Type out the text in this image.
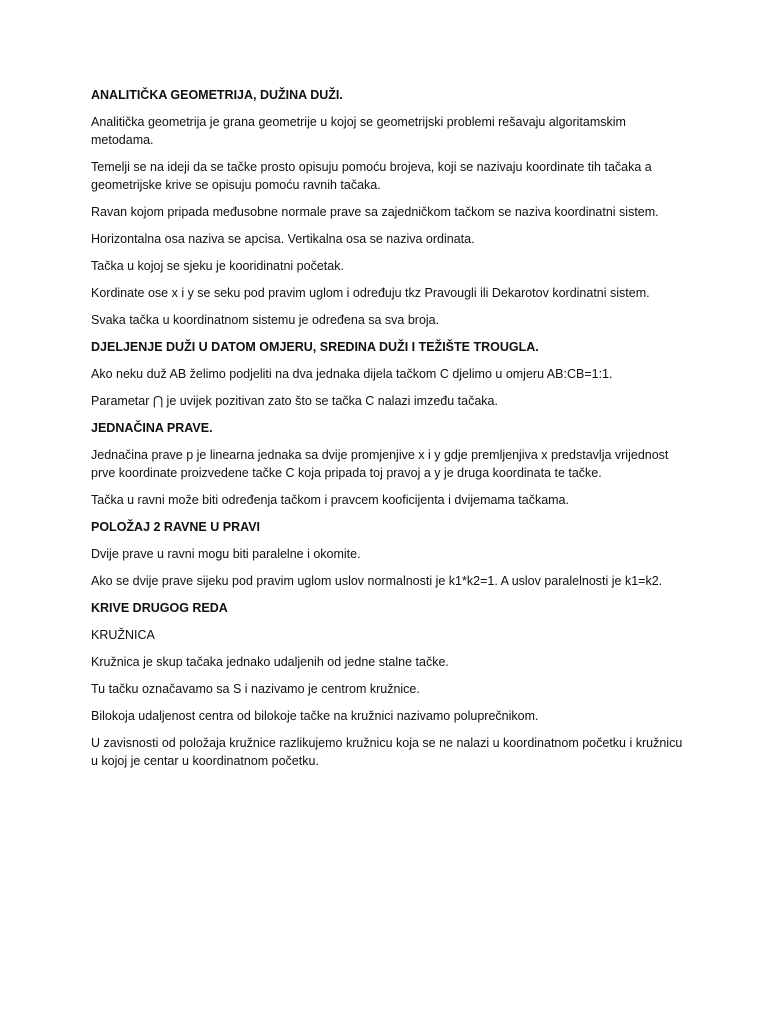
ANALITIČKA GEOMETRIJA, DUŽINA DUŽI.
Analitička geometrija je grana geometrije u kojoj se geometrijski problemi rešavaju algoritamskim metodama.
Temelji se na ideji da se tačke prosto opisuju pomoću brojeva, koji se nazivaju koordinate tih tačaka a geometrijske krive se opisuju pomoću ravnih tačaka.
Ravan kojom pripada međusobne normale prave sa zajedničkom tačkom se naziva koordinatni sistem.
Horizontalna osa naziva se apcisa. Vertikalna osa se naziva ordinata.
Tačka u kojoj se sjeku je kooridinatni početak.
Kordinate ose x i y se seku pod pravim uglom i određuju tkz Pravougli ili Dekarotov kordinatni sistem.
Svaka tačka u koordinatnom sistemu je određena sa sva broja.
DJELJENJE DUŽI U DATOM OMJERU, SREDINA DUŽI I TEŽIŠTE TROUGLA.
Ako neku duž AB želimo podjeliti na dva jednaka dijela tačkom C djelimo u omjeru AB:CB=1:1.
Parametar ⋂ je uvijek pozitivan zato što se tačka C nalazi imzeđu tačaka.
JEDNAČINA PRAVE.
Jednačina prave p je linearna jednaka sa dvije promjenjive x i y gdje premljenjiva x predstavlja vrijednost prve koordinate proizvedene tačke C koja pripada toj pravoj a y je druga koordinata te tačke.
Tačka u ravni može biti određenja tačkom i pravcem kooficijenta i dvijemama tačkama.
POLOŽAJ 2 RAVNE U PRAVI
Dvije prave u ravni mogu biti paralelne i okomite.
Ako se dvije prave sijeku pod pravim uglom uslov normalnosti je k1*k2=1. A uslov paralelnosti je k1=k2.
KRIVE DRUGOG REDA
KRUŽNICA
Kružnica je skup tačaka jednako udaljenih od jedne stalne tačke.
Tu tačku označavamo sa S i nazivamo je centrom kružnice.
Bilokoja udaljenost centra od bilokoje tačke na kružnici nazivamo poluprečnikom.
U zavisnosti od položaja kružnice razlikujemo kružnicu koja se ne nalazi u koordinatnom početku i kružnicu u kojoj je centar u koordinatnom početku.
